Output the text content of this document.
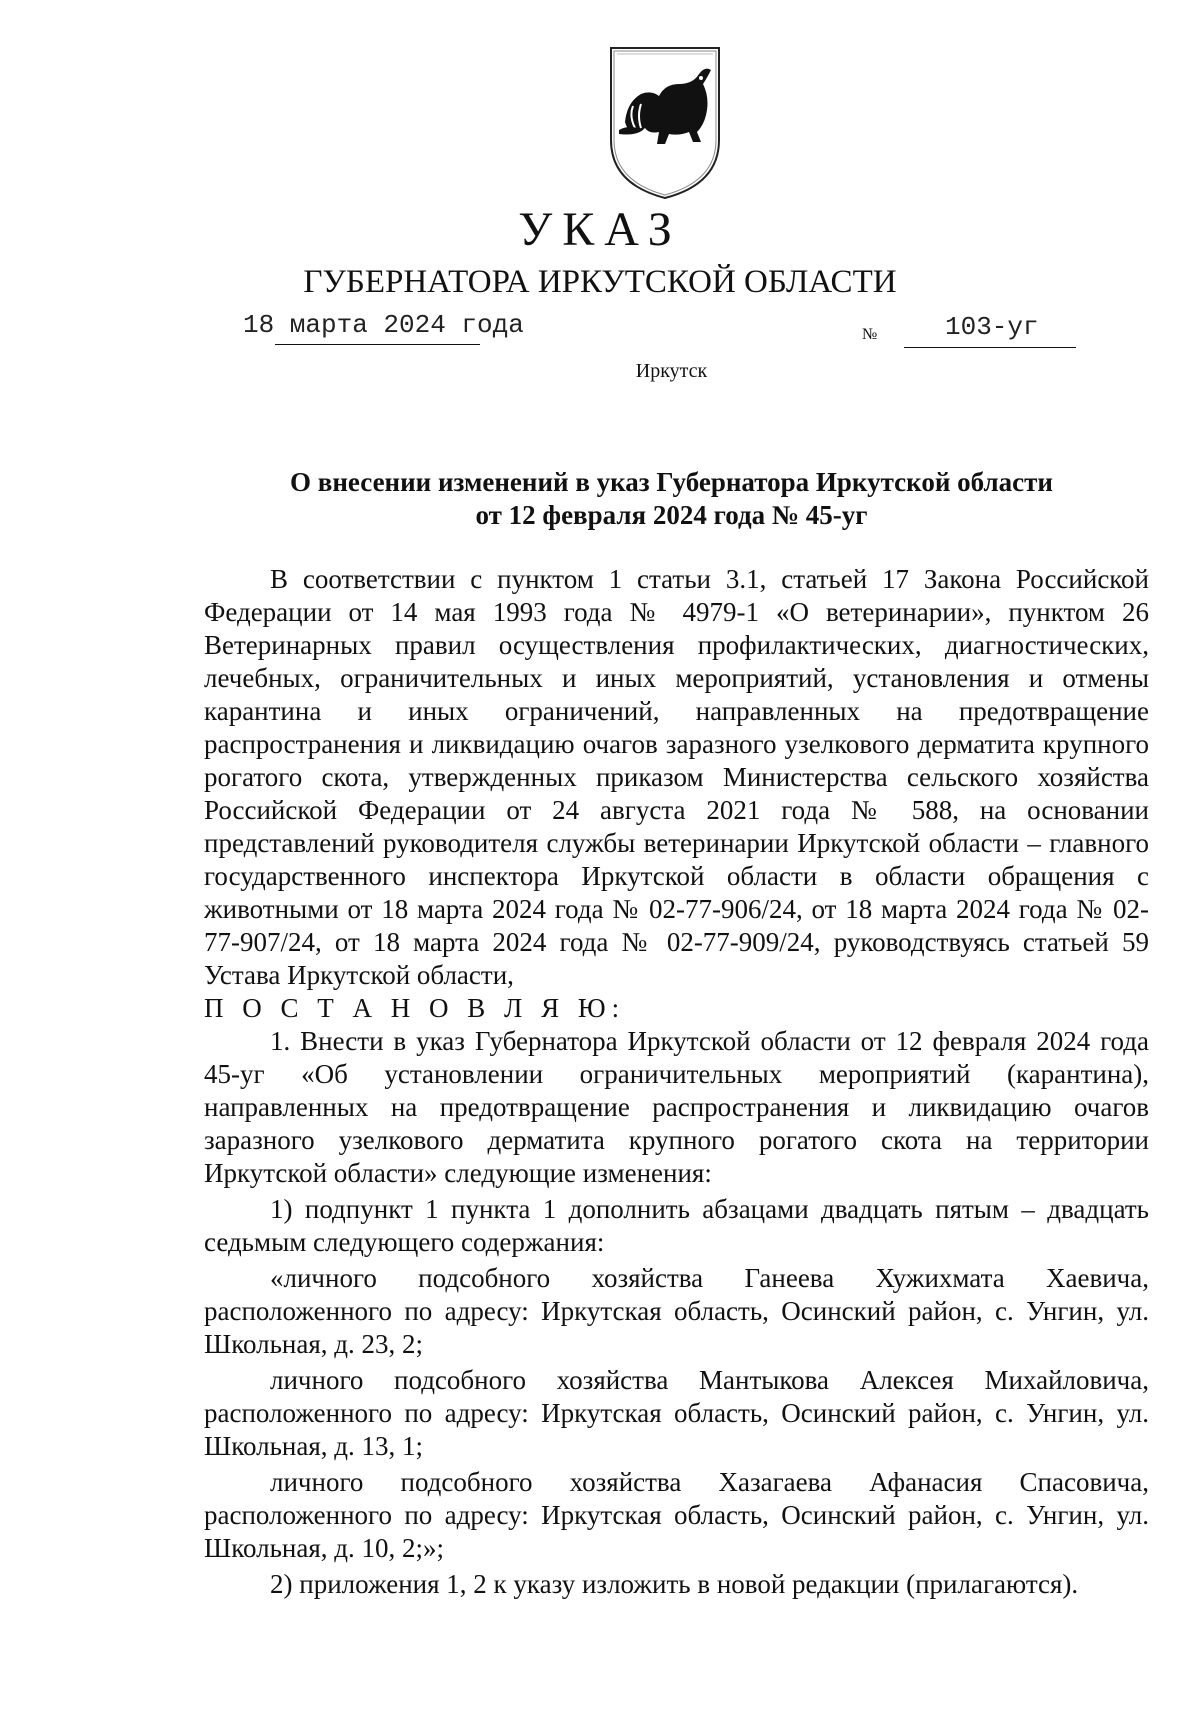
УКАЗ
ГУБЕРНАТОРА ИРКУТСКОЙ ОБЛАСТИ
18 марта 2024 года	№	103-уг
Иркутск
О внесении изменений в указ Губернатора Иркутской области
от 12 февраля 2024 года № 45-уг

В соответствии с пунктом 1 статьи 3.1, статьей 17 Закона Российской Федерации от 14 мая 1993 года № 4979-1 «О ветеринарии», пунктом 26 Ветеринарных правил осуществления профилактических, диагностических, лечебных, ограничительных и иных мероприятий, установления и отмены карантина и иных ограничений, направленных на предотвращение распространения и ликвидацию очагов заразного узелкового дерматита крупного рогатого скота, утвержденных приказом Министерства сельского хозяйства Российской Федерации от 24 августа 2021 года № 588, на основании представлений руководителя службы ветеринарии Иркутской области – главного государственного инспектора Иркутской области в области обращения с животными от 18 марта 2024 года № 02-77-906/24, от 18 марта 2024 года № 02-77-907/24, от 18 марта 2024 года № 02-77-909/24, руководствуясь статьей 59 Устава Иркутской области,

П О С Т А Н О В Л Я Ю:

1. Внести в указ Губернатора Иркутской области от 12 февраля 2024 года 45-уг «Об установлении ограничительных мероприятий (карантина), направленных на предотвращение распространения и ликвидацию очагов заразного узелкового дерматита крупного рогатого скота на территории Иркутской области» следующие изменения:

1) подпункт 1 пункта 1 дополнить абзацами двадцать пятым – двадцать седьмым следующего содержания:

«личного подсобного хозяйства Ганеева Хужихмата Хаевича, расположенного по адресу: Иркутская область, Осинский район, с. Унгин, ул. Школьная, д. 23, 2;

личного подсобного хозяйства Мантыкова Алексея Михайловича, расположенного по адресу: Иркутская область, Осинский район, с. Унгин, ул. Школьная, д. 13, 1;

личного подсобного хозяйства Хазагаева Афанасия Спасовича, расположенного по адресу: Иркутская область, Осинский район, с. Унгин, ул. Школьная, д. 10, 2;»;

2) приложения 1, 2 к указу изложить в новой редакции (прилагаются).
